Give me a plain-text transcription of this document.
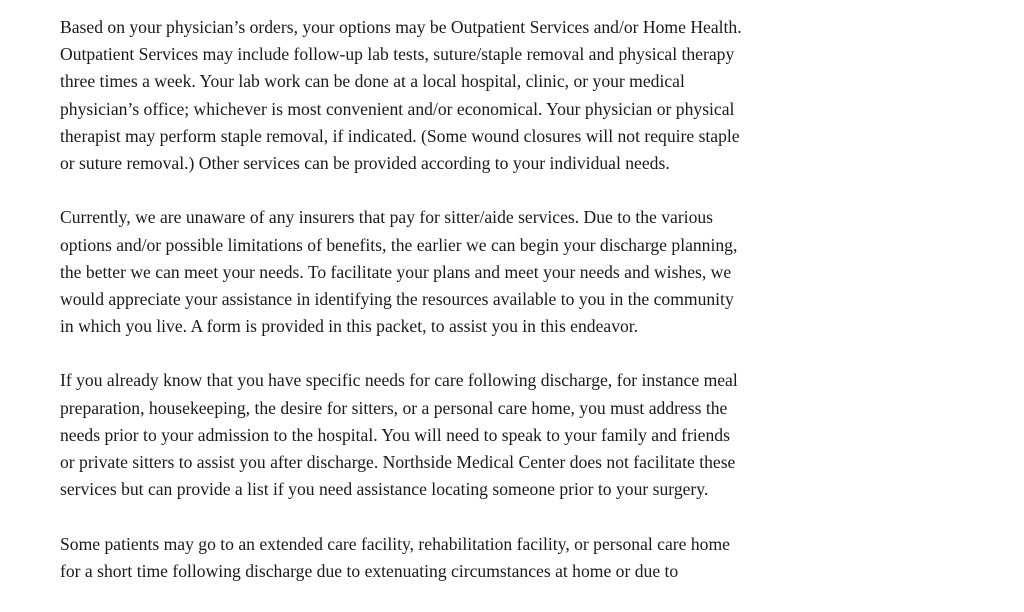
Based on your physician’s orders, your options may be Outpatient Services and/or Home Health.
Outpatient Services may include follow-up lab tests, suture/staple removal and physical therapy
three times a week. Your lab work can be done at a local hospital, clinic, or your medical
physician’s office; whichever is most convenient and/or economical. Your physician or physical
therapist may perform staple removal, if indicated. (Some wound closures will not require staple
or suture removal.) Other services can be provided according to your individual needs.
Currently, we are unaware of any insurers that pay for sitter/aide services. Due to the various
options and/or possible limitations of benefits, the earlier we can begin your discharge planning,
the better we can meet your needs. To facilitate your plans and meet your needs and wishes, we
would appreciate your assistance in identifying the resources available to you in the community
in which you live. A form is provided in this packet, to assist you in this endeavor.
If you already know that you have specific needs for care following discharge, for instance meal
preparation, housekeeping, the desire for sitters, or a personal care home, you must address the
needs prior to your admission to the hospital. You will need to speak to your family and friends
or private sitters to assist you after discharge. Northside Medical Center does not facilitate these
services but can provide a list if you need assistance locating someone prior to your surgery.
Some patients may go to an extended care facility, rehabilitation facility, or personal care home
for a short time following discharge due to extenuating circumstances at home or due to
